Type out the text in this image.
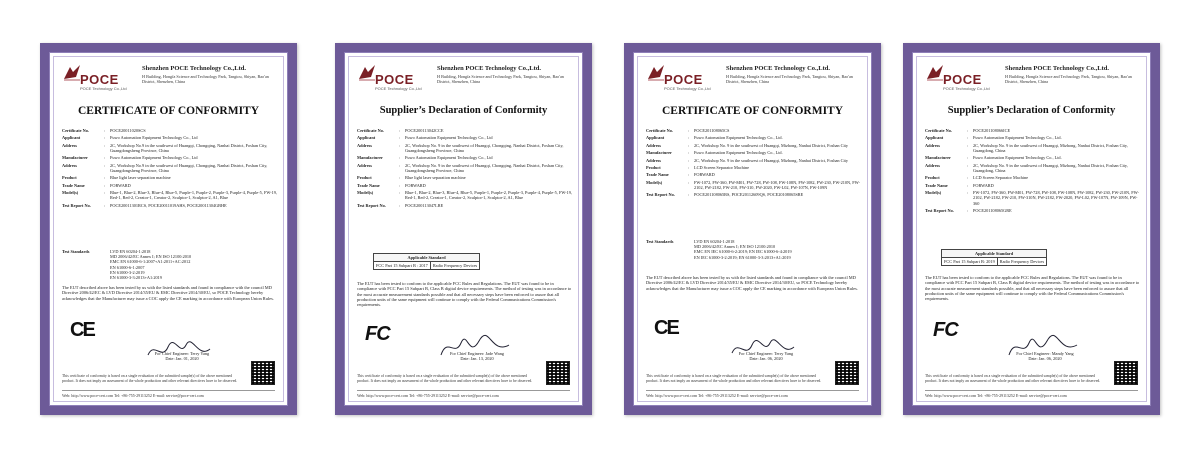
POCE
POCE Technology Co.,Ltd
Shenzhen POCE Technology Co.,Ltd.
H Building, Hongfa Science and Technology Park, Tangtou, Shiyan, Bao'an District, Shenzhen, China
CERTIFICATE OF CONFORMITY
Certificate No.	:	POCE20011020SCS
Applicant	:	Fuwo Automation Equipment Technology Co., Ltd
Address	:	2C, Workshop No.9 in the southwest of Huangqi, Chongqing, Nanhai District, Foshan City, Guangdongsheng Province, China
Manufacturer	:	Fuwo Automation Equipment Technology Co., Ltd
Address	:	2C, Workshop No.9 in the southwest of Huangqi, Chongqing, Nanhai District, Foshan City, Guangdongsheng Province, China
Product	:	Blue light laser separation machine
Trade Name	:	FORWARD
Model(s)	:	Blue-1, Blue-2, Blue-3, Blue-4, Blue-5, Purple-1, Purple-2, Purple-3, Purple-4, Purple-5, FW-19, Red-1, Red-2, Creator-1, Creator-2, Sculptor-1, Sculptor-2, A1, Blue
Test Report No.	:	POCE20011301RCS, POCE20011019AHS, POCE20011304GBHE
Test Standards	LVD EN 60204-1:2018
MD 2006/42/EC Annex I; EN ISO 12100:2010
EMC EN 61000-6-1:2007+A1:2011+AC:2012
EN 61000-6-1:2007
EN 61000-3-2:2019
EN 61000-3-3:2013+A1:2019
The EUT described above has been tested by us with the listed standards and found in compliance with the council MD Directive 2006/42/EC & LVD Directive 2014/35/EU & EMC Directive 2014/30/EU, so POCE Technology hereby acknowledges that the Manufacturer may issue a COC apply the CE marking in accordance with European Union Rules.
CE
For Chief Engineer: Terry Yang
Date: Jan. 01, 2020
This certificate of conformity is based on a single evaluation of the submitted sample(s) of the above mentioned product. It does not imply an assessment of the whole production and other relevant directives have to be observed.
Web: http://www.poce-cert.com Tel: +86-755-29113252 E-mail: service@poce-cert.com
POCE
POCE Technology Co.,Ltd
Shenzhen POCE Technology Co.,Ltd.
H Building, Hongfa Science and Technology Park, Tangtou, Shiyan, Bao'an District, Shenzhen, China
Supplier’s Declaration of Conformity
Certificate No.	:	POCE200113042CCE
Applicant	:	Fuwo Automation Equipment Technology Co., Ltd
Address	:	2C, Workshop No. 9 in the southwest of Huangqi, Chongqing, Nanhai District, Foshan City, Guangdongsheng Province, China
Manufacturer	:	Fuwo Automation Equipment Technology Co., Ltd
Address	:	2C, Workshop No. 9 in the southwest of Huangqi, Chongqing, Nanhai District, Foshan City, Guangdongsheng Province, China
Product	:	Blue light laser separation machine
Trade Name	:	FORWARD
Model(s)	:	Blue-1, Blue-2, Blue-3, Blue-4, Blue-5, Purple-1, Purple-2, Purple-3, Purple-4, Purple-5, FW-19, Red-1, Red-2, Creator-1, Creator-2, Sculptor-1, Sculptor-2, A1, Blue
Test Report No.	:	POCE200113047LRE
Applicable Standard
FCC Part 15 Subpart B : 2017	Radio Frequency Devices
The EUT has been tested to conform to the applicable FCC Rules and Regulations. The EUT was found to be in compliance with FCC Part 15 Subpart B, Class B digital device requirements. The method of testing was in accordance to the most accurate measurement standards possible and that all necessary steps have been enforced to assure that all production units of the same equipment will continue to comply with the Federal Communications Commission's requirements.
FC
For Chief Engineer: Jade Wang
Date: Jan. 13, 2020
This certificate of conformity is based on a single evaluation of the submitted sample(s) of the above mentioned product. It does not imply an assessment of the whole production and other relevant directives have to be observed.
Web: http://www.poce-cert.com Tel: +86-755-29113252 E-mail: service@poce-cert.com
POCE
POCE Technology Co.,Ltd
Shenzhen POCE Technology Co.,Ltd.
H Building, Hongfa Science and Technology Park, Tangtou, Shiyan, Bao'an District, Shenzhen, China
CERTIFICATE OF CONFORMITY
Certificate No.	:	POCE201108065CS
Applicant	:	Fuwo Automation Equipment Technology Co., Ltd.
Address	:	2C, Workshop No. 9 in the southwest of Huangqi, Mizhong, Nanhai District, Foshan City
Manufacturer	:	Fuwo Automation Equipment Technology Co., Ltd.
Address	:	2C, Workshop No. 9 in the southwest of Huangqi, Mizhong, Nanhai District, Foshan City
Product	:	LCD Screen Separator Machine
Trade Name	:	FORWARD
Model(s)	:	FW-1072, FW-360, FW-M01, FW-728, FW-108, FW-108N, FW-1082, FW-230, FW-210N, FW-2102, FW-2182, FW-210, FW-310, FW-2020, FW-L02, FW-107N, FW-109N
Test Report No.	:	POCE201108065RS, POCE20112609QS, POCE20108065SRE
Test Standards	LVD EN 60204-1:2018
MD 2006/42/EC Annex I; EN ISO 12100:2010
EMC EN IEC 61000-6-2:2019; EN IEC 61000-6-4:2019
EN IEC 61000-3-2:2019; EN 61000-3-3:2013+A1:2019
The EUT described above has been tested by us with the listed standards and found in compliance with the council MD Directive 2006/42/EC & LVD Directive 2014/35/EU & EMC Directive 2014/30/EU, so POCE Technology hereby acknowledges that the Manufacturer may issue a COC apply the CE marking in accordance with European Union Rules.
CE
For Chief Engineer: Terry Yang
Date: Jan. 06, 2020
This certificate of conformity is based on a single evaluation of the submitted sample(s) of the above mentioned product. It does not imply an assessment of the whole production and other relevant directives have to be observed.
Web: http://www.poce-cert.com Tel: +86-755-29113252 E-mail: service@poce-cert.com
POCE
POCE Technology Co.,Ltd
Shenzhen POCE Technology Co.,Ltd.
H Building, Hongfa Science and Technology Park, Tangtou, Shiyan, Bao'an District, Shenzhen, China
Supplier’s Declaration of Conformity
Certificate No.	:	POCE201108066ICE
Applicant	:	Fuwo Automation Equipment Technology Co., Ltd.
Address	:	2C, Workshop No. 9 in the southwest of Huangqi, Mizhong, Nanhai District, Foshan City, Guangdong, China
Manufacturer	:	Fuwo Automation Equipment Technology Co., Ltd.
Address	:	2C, Workshop No. 9 in the southwest of Huangqi, Mizhong, Nanhai District, Foshan City, Guangdong, China
Product	:	LCD Screen Separator Machine
Trade Name	:	FORWARD
Model(s)	:	FW-1072, FW-360, FW-M01, FW-728, FW-108, FW-108N, FW-1082, FW-230, FW-210N, FW-2102, FW-2182, FW-210, FW-310N, FW-2182, FW-2020, FW-L02, FW-107N, FW-109N, FW-360
Test Report No.	:	POCE201108065GRE
Applicable Standard
FCC Part 15 Subpart B: 2019	Radio Frequency Devices
The EUT has been tested to conform to the applicable FCC Rules and Regulations. The EUT was found to be in compliance with FCC Part 15 Subpart B, Class B digital device requirements. The method of testing was in accordance to the most accurate measurement standards possible, and that all necessary steps have been enforced to assure that all production units of the same equipment will continue to comply with the Federal Communications Commission's requirements.
FC
For Chief Engineer: Mandy Yang
Date: Jan. 06, 2020
This certificate of conformity is based on a single evaluation of the submitted sample(s) of the above mentioned product. It does not imply an assessment of the whole production and other relevant directives have to be observed.
Web: http://www.poce-cert.com Tel: +86-755-29113252 E-mail: service@poce-cert.com
